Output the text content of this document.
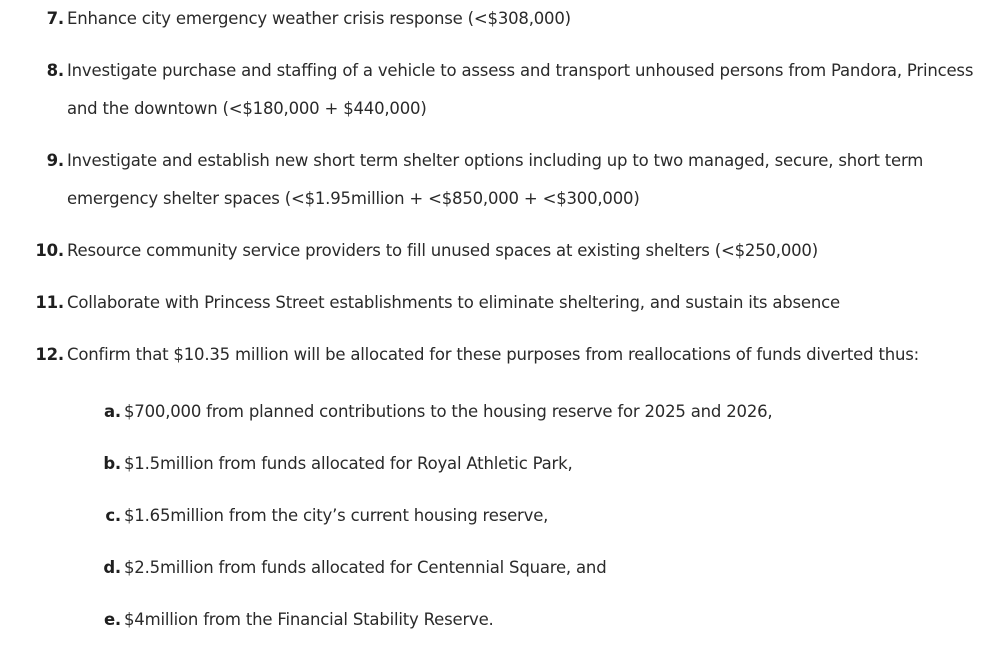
7. Enhance city emergency weather crisis response (<$308,000)
8. Investigate purchase and staffing of a vehicle to assess and transport unhoused persons from Pandora, Princess and the downtown (<$180,000 + $440,000)
9. Investigate and establish new short term shelter options including up to two managed, secure, short term emergency shelter spaces (<$1.95million + <$850,000 + <$300,000)
10. Resource community service providers to fill unused spaces at existing shelters (<$250,000)
11. Collaborate with Princess Street establishments to eliminate sheltering, and sustain its absence
12. Confirm that $10.35 million will be allocated for these purposes from reallocations of funds diverted thus:
a. $700,000 from planned contributions to the housing reserve for 2025 and 2026,
b. $1.5million from funds allocated for Royal Athletic Park,
c. $1.65million from the city’s current housing reserve,
d. $2.5million from funds allocated for Centennial Square, and
e. $4million from the Financial Stability Reserve.
